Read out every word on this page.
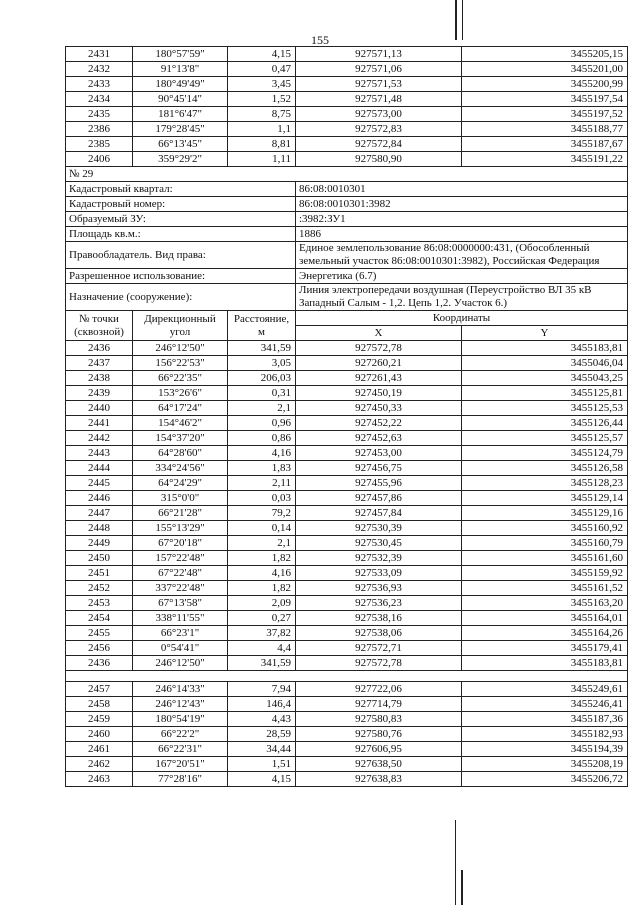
155
2431	180°57'59"	4,15	927571,13	3455205,15
2432	91°13'8"	0,47	927571,06	3455201,00
2433	180°49'49"	3,45	927571,53	3455200,99
2434	90°45'14"	1,52	927571,48	3455197,54
2435	181°6'47"	8,75	927573,00	3455197,52
2386	179°28'45"	1,1	927572,83	3455188,77
2385	66°13'45"	8,81	927572,84	3455187,67
2406	359°29'2"	1,11	927580,90	3455191,22
№ 29				
Кадастровый квартал:			86:08:0010301	
Кадастровый номер:			86:08:0010301:3982	
Образуемый ЗУ:			:3982:ЗУ1	
Площадь кв.м.:			1886	
Правообладатель. Вид права:			Единое землепользование 86:08:0000000:431, (Обособленный земельный участок 86:08:0010301:3982), Российская Федерация	
Разрешенное использование:			Энергетика (6.7)	
Назначение (сооружение):			Линия электропередачи воздушная (Переустройство ВЛ 35 кВ Западный Салым - 1,2. Цепь 1,2. Участок 6.)	
№ точки (сквозной)	Дирекционный угол	Расстояние, м	Координаты	
			X	Y
2436	246°12'50"	341,59	927572,78	3455183,81
2437	156°22'53"	3,05	927260,21	3455046,04
2438	66°22'35"	206,03	927261,43	3455043,25
2439	153°26'6"	0,31	927450,19	3455125,81
2440	64°17'24"	2,1	927450,33	3455125,53
2441	154°46'2"	0,96	927452,22	3455126,44
2442	154°37'20"	0,86	927452,63	3455125,57
2443	64°28'60"	4,16	927453,00	3455124,79
2444	334°24'56"	1,83	927456,75	3455126,58
2445	64°24'29"	2,11	927455,96	3455128,23
2446	315°0'0"	0,03	927457,86	3455129,14
2447	66°21'28"	79,2	927457,84	3455129,16
2448	155°13'29"	0,14	927530,39	3455160,92
2449	67°20'18"	2,1	927530,45	3455160,79
2450	157°22'48"	1,82	927532,39	3455161,60
2451	67°22'48"	4,16	927533,09	3455159,92
2452	337°22'48"	1,82	927536,93	3455161,52
2453	67°13'58"	2,09	927536,23	3455163,20
2454	338°11'55"	0,27	927538,16	3455164,01
2455	66°23'1"	37,82	927538,06	3455164,26
2456	0°54'41"	4,4	927572,71	3455179,41
2436	246°12'50"	341,59	927572,78	3455183,81

2457	246°14'33"	7,94	927722,06	3455249,61
2458	246°12'43"	146,4	927714,79	3455246,41
2459	180°54'19"	4,43	927580,83	3455187,36
2460	66°22'2"	28,59	927580,76	3455182,93
2461	66°22'31"	34,44	927606,95	3455194,39
2462	167°20'51"	1,51	927638,50	3455208,19
2463	77°28'16"	4,15	927638,83	3455206,72
